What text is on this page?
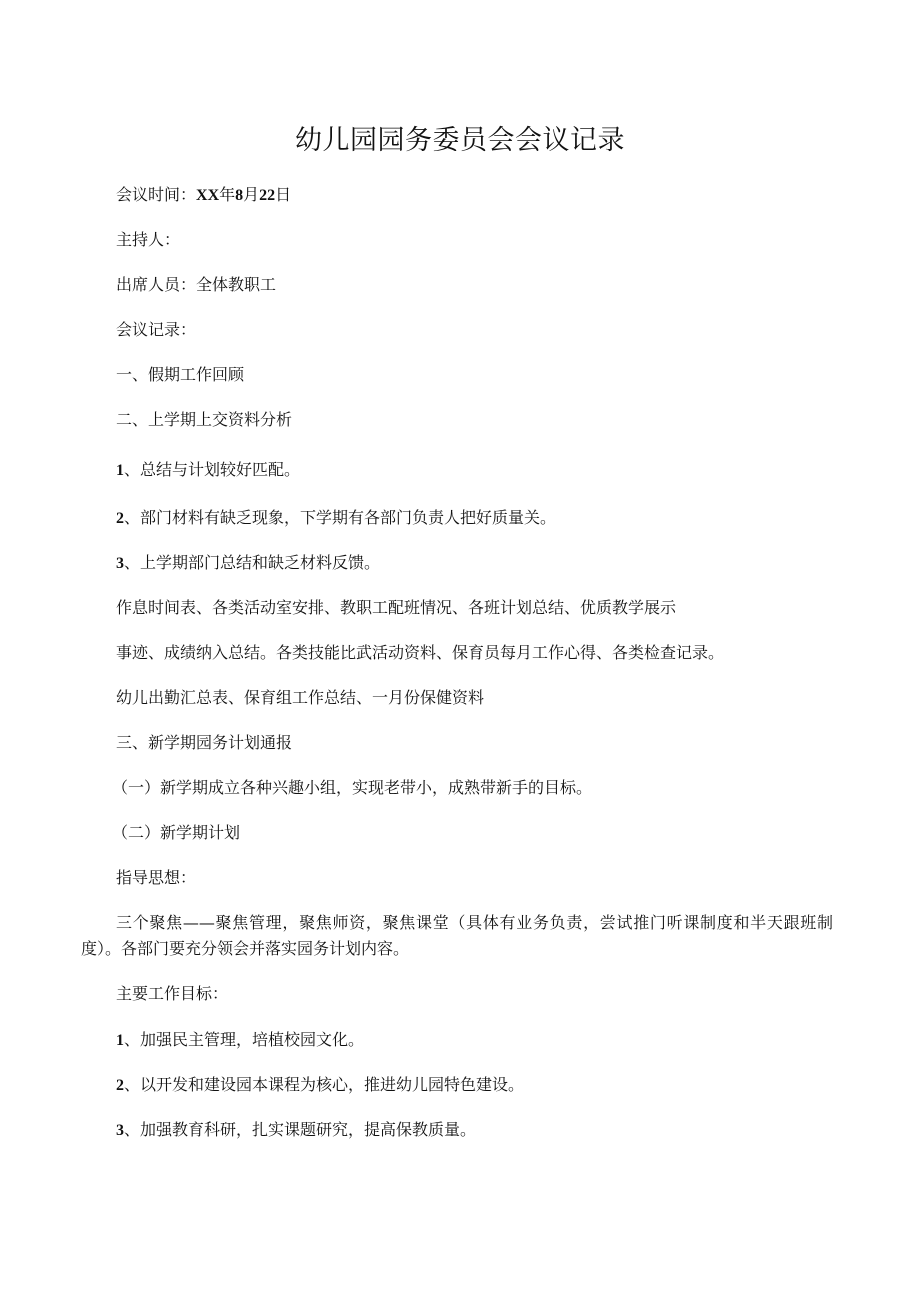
幼儿园园务委员会会议记录
会议时间：XX年8月22日
主持人：
出席人员：全体教职工
会议记录：
一、假期工作回顾
二、上学期上交资料分析
1、总结与计划较好匹配。
2、部门材料有缺乏现象，下学期有各部门负责人把好质量关。
3、上学期部门总结和缺乏材料反馈。
作息时间表、各类活动室安排、教职工配班情况、各班计划总结、优质教学展示
事迹、成绩纳入总结。各类技能比武活动资料、保育员每月工作心得、各类检查记录。
幼儿出勤汇总表、保育组工作总结、一月份保健资料
三、新学期园务计划通报
（一）新学期成立各种兴趣小组，实现老带小，成熟带新手的目标。
（二）新学期计划
指导思想：
三个聚焦——聚焦管理，聚焦师资，聚焦课堂（具体有业务负责，尝试推门听课制度和半天跟班制度）。各部门要充分领会并落实园务计划内容。
主要工作目标：
1、加强民主管理，培植校园文化。
2、以开发和建设园本课程为核心，推进幼儿园特色建设。
3、加强教育科研，扎实课题研究，提高保教质量。
